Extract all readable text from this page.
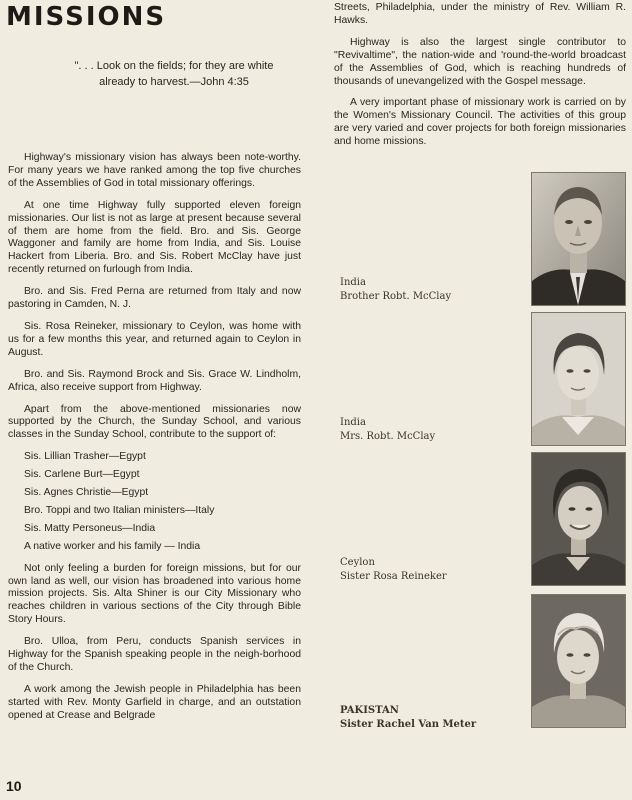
MISSIONS
". . . Look on the fields; for they are white
already to harvest.—John 4:35

Highway's missionary vision has always been note-worthy. For many years we have ranked among the top five churches of the Assemblies of God in total missionary offerings.

At one time Highway fully supported eleven foreign missionaries. Our list is not as large at present because several of them are home from the field. Bro. and Sis. George Waggoner and family are home from India, and Sis. Louise Hackert from Liberia. Bro. and Sis. Robert McClay have just recently returned on furlough from India.

Bro. and Sis. Fred Perna are returned from Italy and now pastoring in Camden, N. J.

Sis. Rosa Reineker, missionary to Ceylon, was home with us for a few months this year, and returned again to Ceylon in August.

Bro. and Sis. Raymond Brock and Sis. Grace W. Lindholm, Africa, also receive support from Highway.

Apart from the above-mentioned missionaries now supported by the Church, the Sunday School, and various classes in the Sunday School, contribute to the support of:

Sis. Lillian Trasher—Egypt
Sis. Carlene Burt—Egypt
Sis. Agnes Christie—Egypt
Bro. Toppi and two Italian ministers—Italy
Sis. Matty Personeus—India
A native worker and his family — India

Not only feeling a burden for foreign missions, but for our own land as well, our vision has broadened into various home mission projects. Sis. Alta Shiner is our City Missionary who reaches children in various sections of the City through Bible Story Hours.

Bro. Ulloa, from Peru, conducts Spanish services in Highway for the Spanish speaking people in the neigh-borhood of the Church.

A work among the Jewish people in Philadelphia has been started with Rev. Monty Garfield in charge, and an outstation opened at Crease and Belgrade

Streets, Philadelphia, under the ministry of Rev. William R. Hawks.

Highway is also the largest single contributor to "Revivaltime", the nation-wide and 'round-the-world broadcast of the Assemblies of God, which is reaching hundreds of thousands of unevangelized with the Gospel message.

A very important phase of missionary work is carried on by the Women's Missionary Council. The activities of this group are very varied and cover projects for both foreign missionaries and home missions.

India
Brother Robt. McClay
India
Mrs. Robt. McClay
Ceylon
Sister Rosa Reineker
PAKISTAN
Sister Rachel Van Meter
10
